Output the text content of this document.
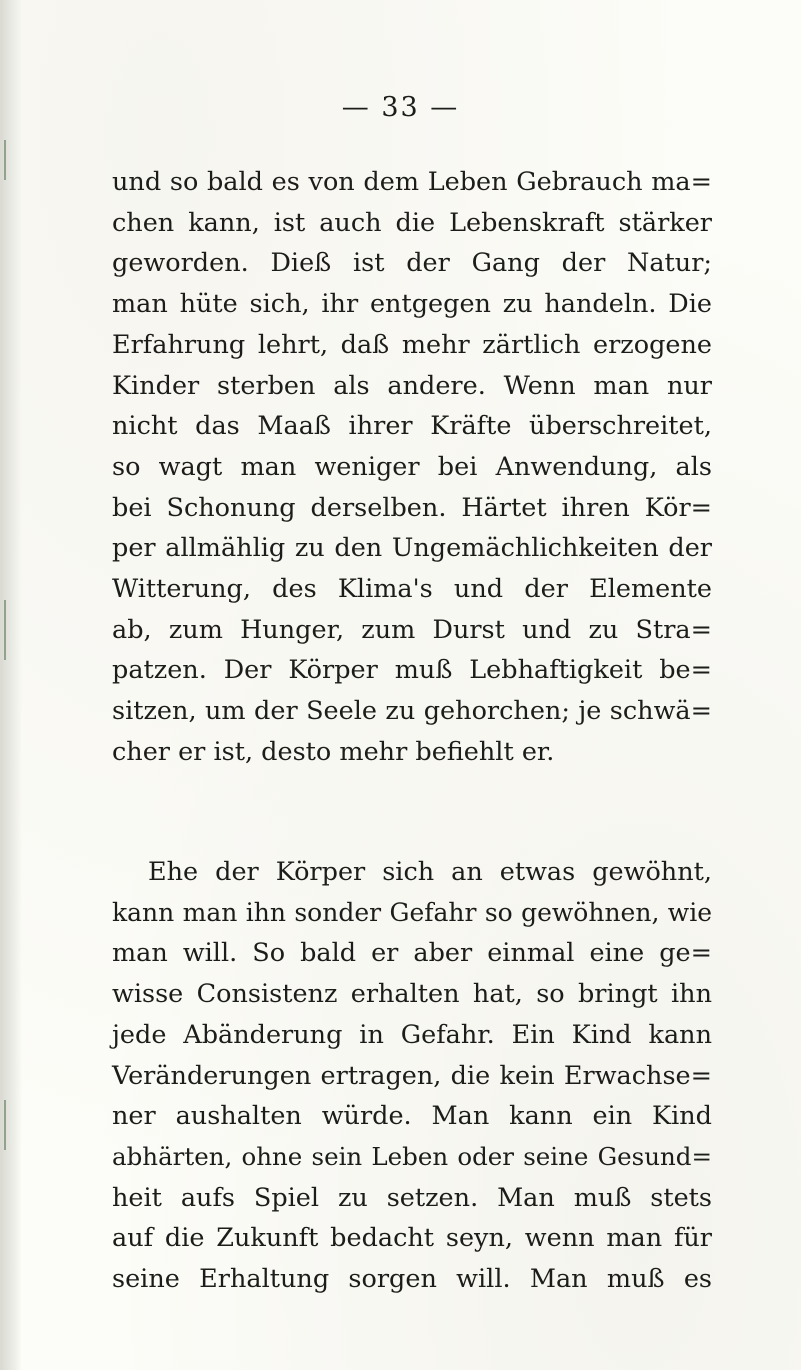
— 33 —
und so bald es von dem Leben Gebrauch ma=
chen kann, ist auch die Lebenskraft stärker
geworden. Dieß ist der Gang der Natur;
man hüte sich, ihr entgegen zu handeln. Die
Erfahrung lehrt, daß mehr zärtlich erzogene
Kinder sterben als andere. Wenn man nur
nicht das Maaß ihrer Kräfte überschreitet,
so wagt man weniger bei Anwendung, als
bei Schonung derselben. Härtet ihren Kör=
per allmählig zu den Ungemächlichkeiten der
Witterung, des Klima's und der Elemente
ab, zum Hunger, zum Durst und zu Stra=
patzen. Der Körper muß Lebhaftigkeit be=
sitzen, um der Seele zu gehorchen; je schwä=
cher er ist, desto mehr befiehlt er.
Ehe der Körper sich an etwas gewöhnt,
kann man ihn sonder Gefahr so gewöhnen, wie
man will. So bald er aber einmal eine ge=
wisse Consistenz erhalten hat, so bringt ihn
jede Abänderung in Gefahr. Ein Kind kann
Veränderungen ertragen, die kein Erwachse=
ner aushalten würde. Man kann ein Kind
abhärten, ohne sein Leben oder seine Gesund=
heit aufs Spiel zu setzen. Man muß stets
auf die Zukunft bedacht seyn, wenn man für
seine Erhaltung sorgen will. Man muß es
